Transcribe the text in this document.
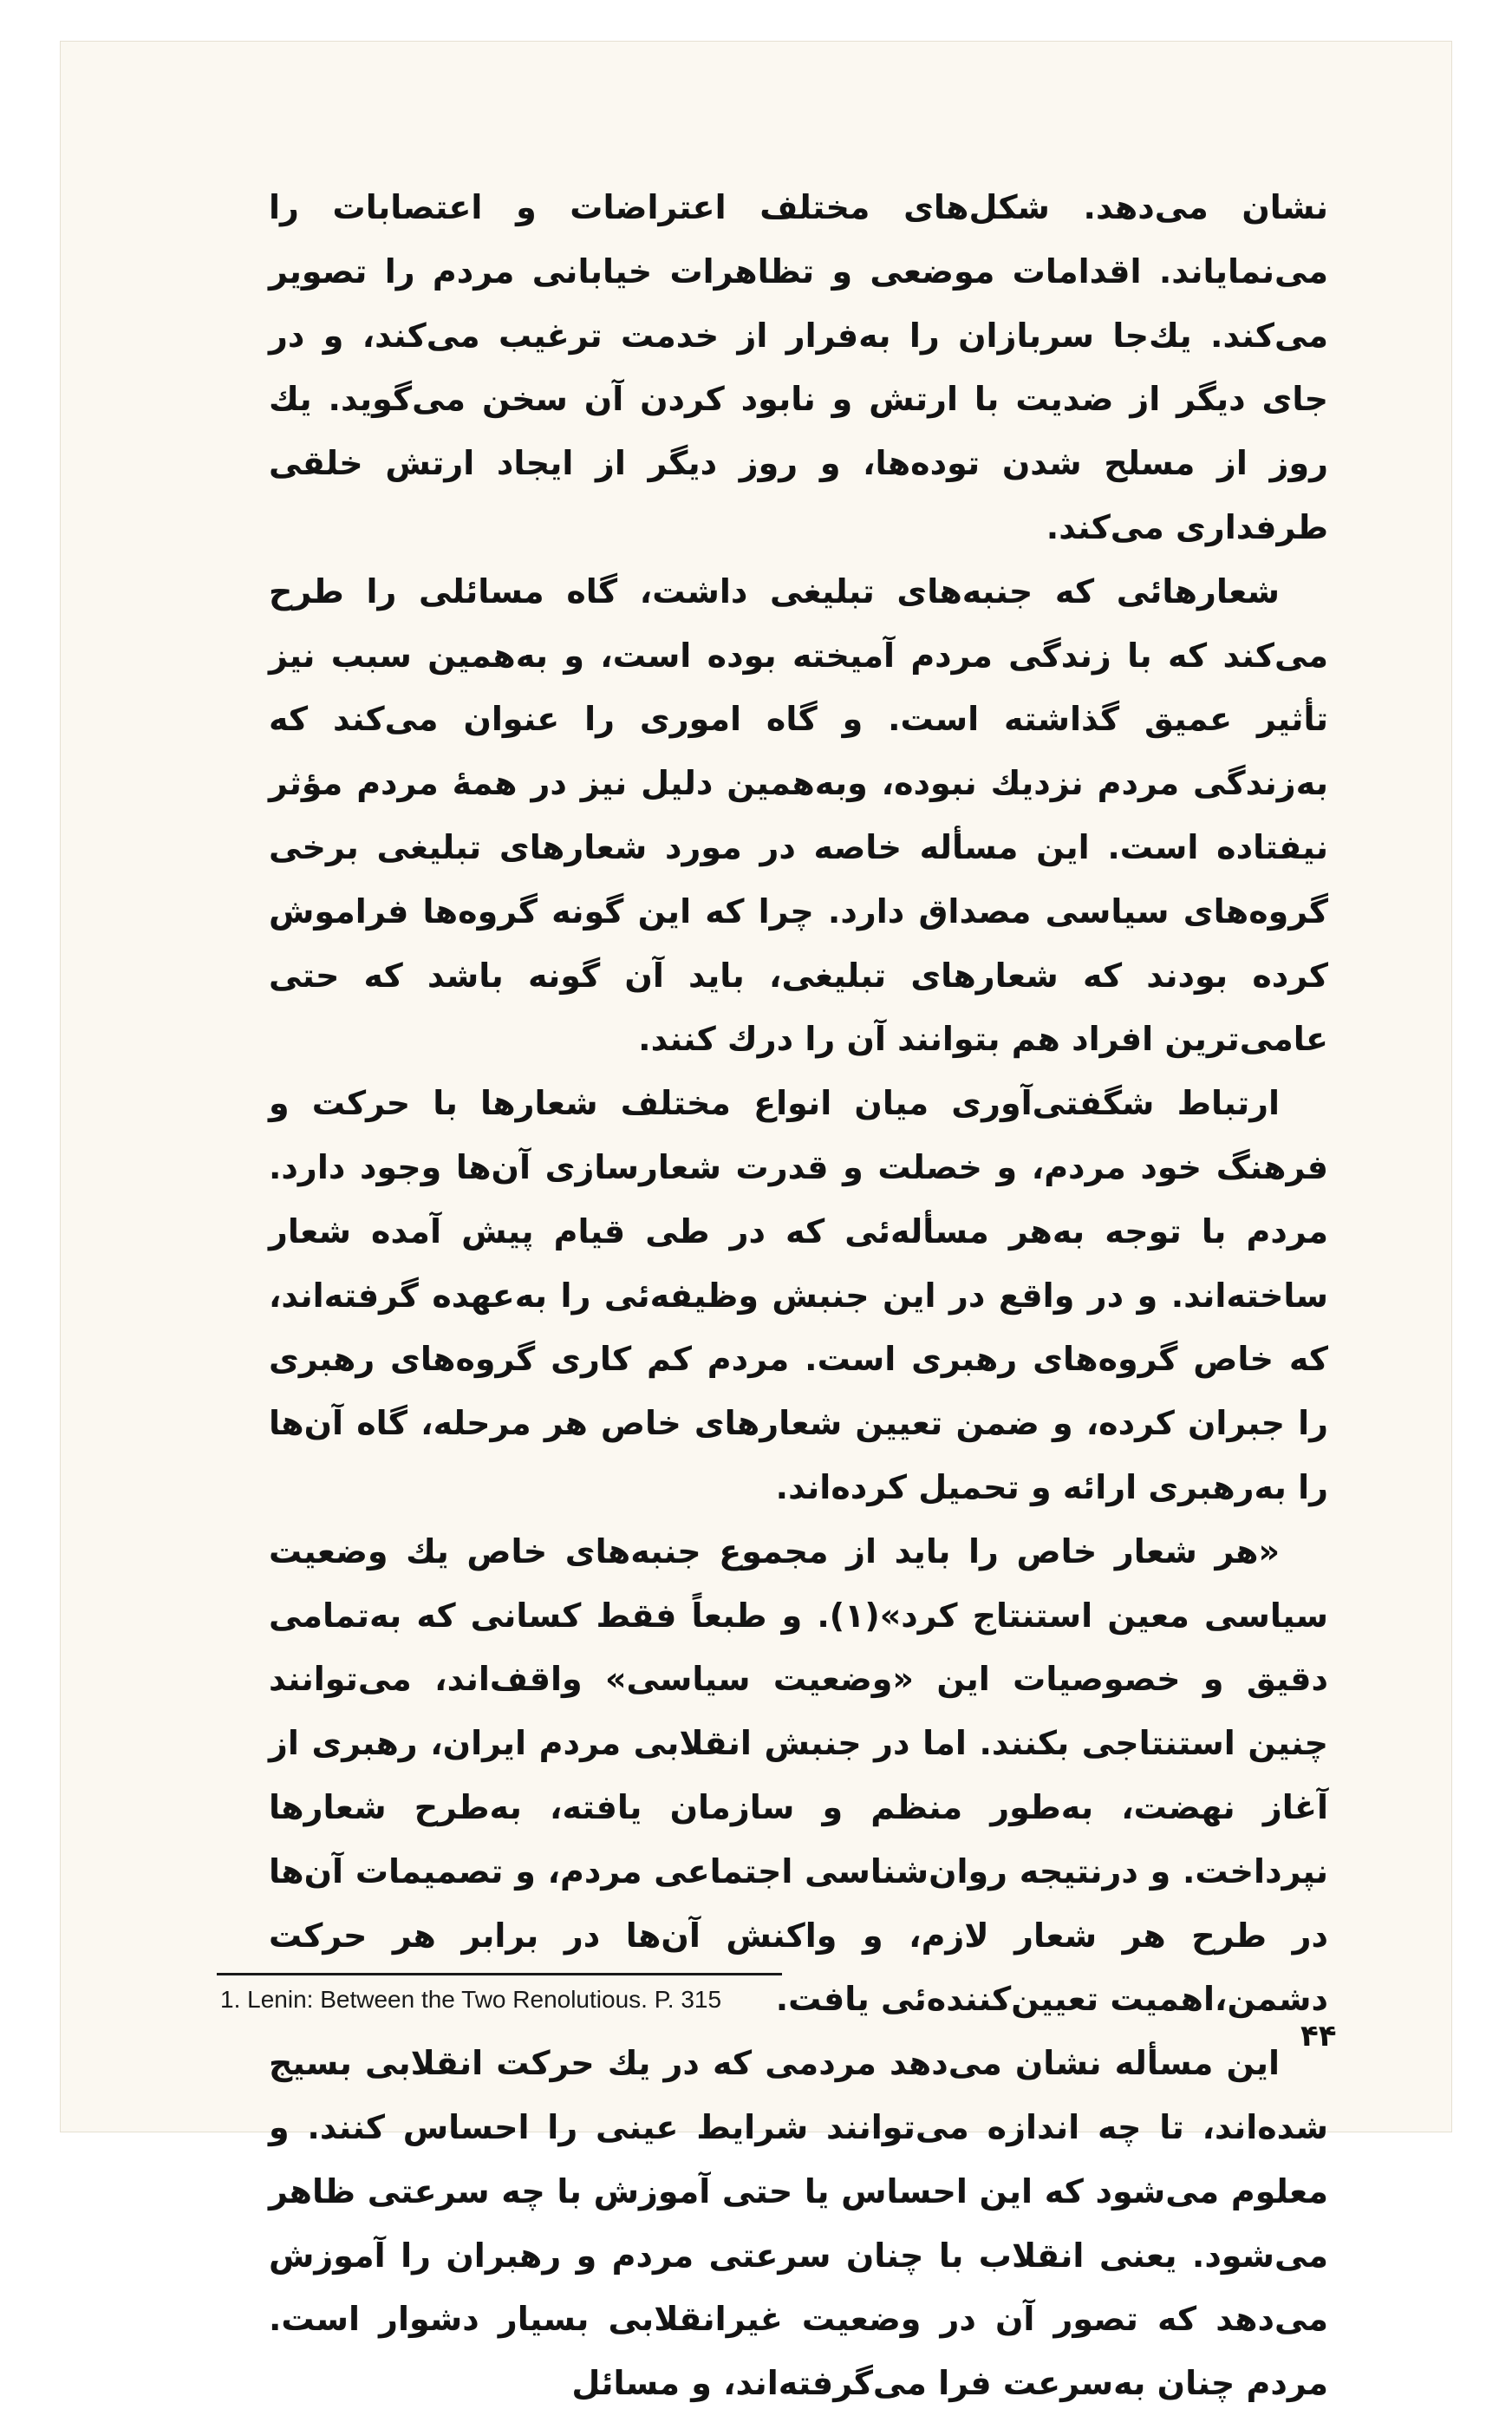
نشان می‌دهد. شکل‌های مختلف اعتراضات و اعتصابات را می‌نمایاند. اقدامات موضعی و تظاهرات خیابانی مردم را تصویر می‌کند. یك‌جا سربازان را به‌فرار از خدمت ترغیب می‌کند، و در جای دیگر از ضدیت با ارتش و نابود کردن آن سخن می‌گوید. یك روز از مسلح شدن توده‌ها، و روز دیگر از ایجاد ارتش خلقی طرفداری می‌کند.

شعارهائی که جنبه‌های تبلیغی داشت، گاه مسائلی را طرح می‌کند که با زندگی مردم آمیخته بوده است، و به‌همین سبب نیز تأثیر عمیق گذاشته است. و گاه اموری را عنوان می‌کند که به‌زندگی مردم نزدیك نبوده، وبه‌همین دلیل نیز در همهٔ مردم مؤثر نیفتاده است. این مسأله خاصه در مورد شعارهای تبلیغی برخی گروه‌های سیاسی مصداق دارد. چرا که این گونه گروه‌ها فراموش کرده بودند که شعارهای تبلیغی، باید آن گونه باشد که حتی عامی‌ترین افراد هم بتوانند آن را درك کنند.

ارتباط شگفتی‌آوری میان انواع مختلف شعارها با حرکت و فرهنگ خود مردم، و خصلت و قدرت شعارسازی آن‌ها وجود دارد. مردم با توجه به‌هر مسأله‌ئی که در طی قیام پیش آمده شعار ساخته‌اند. و در واقع در این جنبش وظیفه‌ئی را به‌عهده گرفته‌اند، که خاص گروه‌های رهبری است. مردم کم کاری گروه‌های رهبری را جبران کرده، و ضمن تعیین شعارهای خاص هر مرحله، گاه آن‌ها را به‌رهبری ارائه و تحمیل کرده‌اند.

«هر شعار خاص را باید از مجموع جنبه‌های خاص یك وضعیت سیاسی معین استنتاج کرد»(۱). و طبعاً فقط کسانی که به‌تمامی دقیق و خصوصیات این «وضعیت سیاسی» واقف‌اند، می‌توانند چنین استنتاجی بکنند. اما در جنبش انقلابی مردم ایران، رهبری از آغاز نهضت، به‌طور منظم و سازمان یافته، به‌طرح شعارها نپرداخت. و درنتیجه روان‌شناسی اجتماعی مردم، و تصمیمات آن‌ها در طرح هر شعار لازم، و واکنش آن‌ها در برابر هر حرکت دشمن،اهمیت تعیین‌کننده‌ئی یافت.

این مسأله نشان می‌دهد مردمی که در یك حرکت انقلابی بسیج شده‌اند، تا چه اندازه می‌توانند شرایط عینی را احساس کنند. و معلوم می‌شود که این احساس یا حتی آموزش با چه سرعتی ظاهر می‌شود. یعنی انقلاب با چنان سرعتی مردم و رهبران را آموزش می‌دهد که تصور آن در وضعیت غیرانقلابی بسیار دشوار است. مردم چنان به‌سرعت فرا می‌گرفته‌اند، و مسائل

1. Lenin: Between the Two Renolutious. P. 315
۴۴
